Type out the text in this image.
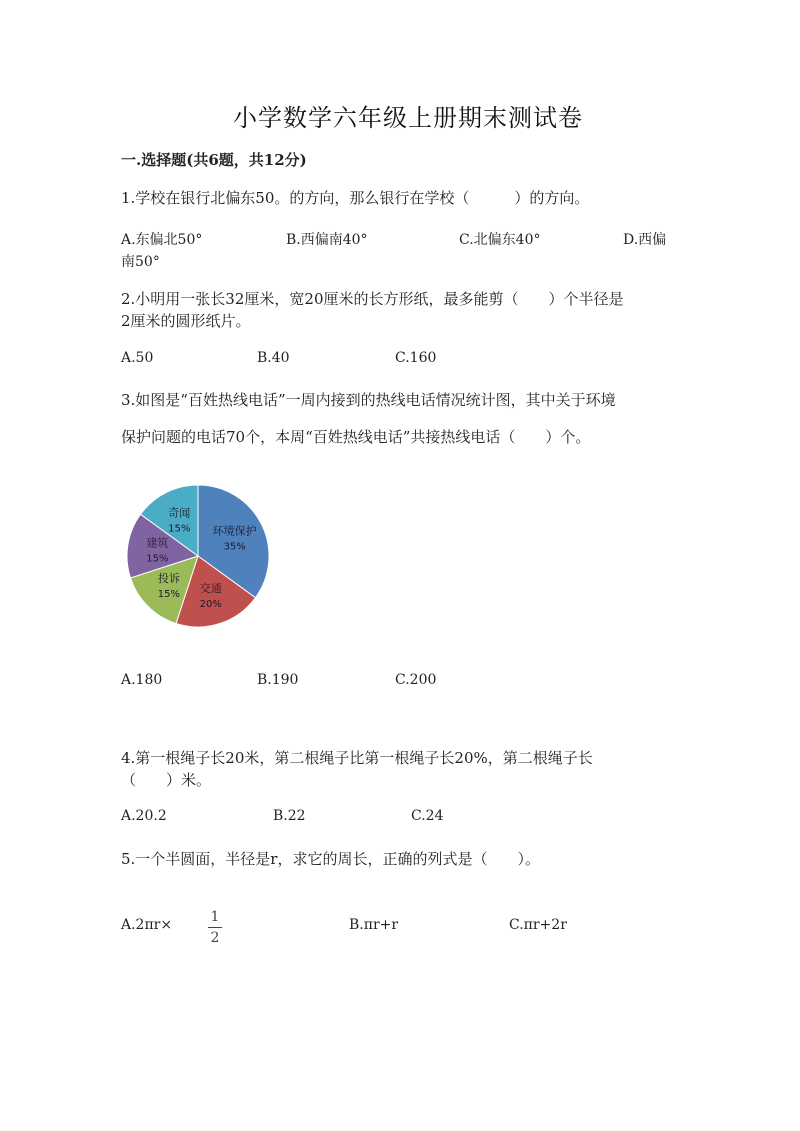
小学数学六年级上册期末测试卷
一.选择题(共6题，共12分)
1.学校在银行北偏东50。的方向，那么银行在学校（　　　）的方向。
A.东偏北50°	B.西偏南40°	C.北偏东40°	D.西偏
南50°
2.小明用一张长32厘米，宽20厘米的长方形纸，最多能剪（　　）个半径是
2厘米的圆形纸片。
A.50	B.40	C.160
3.如图是“百姓热线电话”一周内接到的热线电话情况统计图，其中关于环境
保护问题的电话70个，本周“百姓热线电话”共接热线电话（　　）个。
环境保护
35%
交通
20%
投诉
15%
建筑
15%
奇闻
15%
A.180	B.190	C.200
4.第一根绳子长20米，第二根绳子比第一根绳子长20%，第二根绳子长
（　　）米。
A.20.2	B.22	C.24
5.一个半圆面，半径是r，求它的周长，正确的列式是（　　）。
A.2πr×	1
2
B.πr+r	C.πr+2r
